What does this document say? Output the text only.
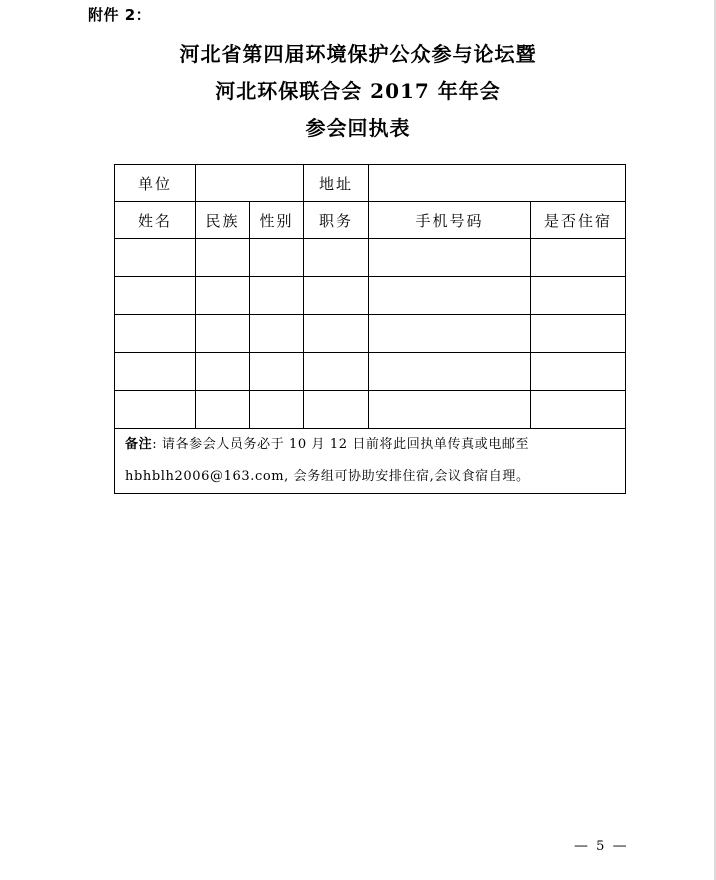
附件 2：
河北省第四届环境保护公众参与论坛暨
河北环保联合会 2017 年年会
参会回执表
单位			地址		
姓名	民族	性别	职务	手机号码	是否住宿

备注: 请各参会人员务必于 10 月 12 日前将此回执单传真或电邮至
hbhblh2006@163.com, 会务组可协助安排住宿,会议食宿自理。					
— 5 —
